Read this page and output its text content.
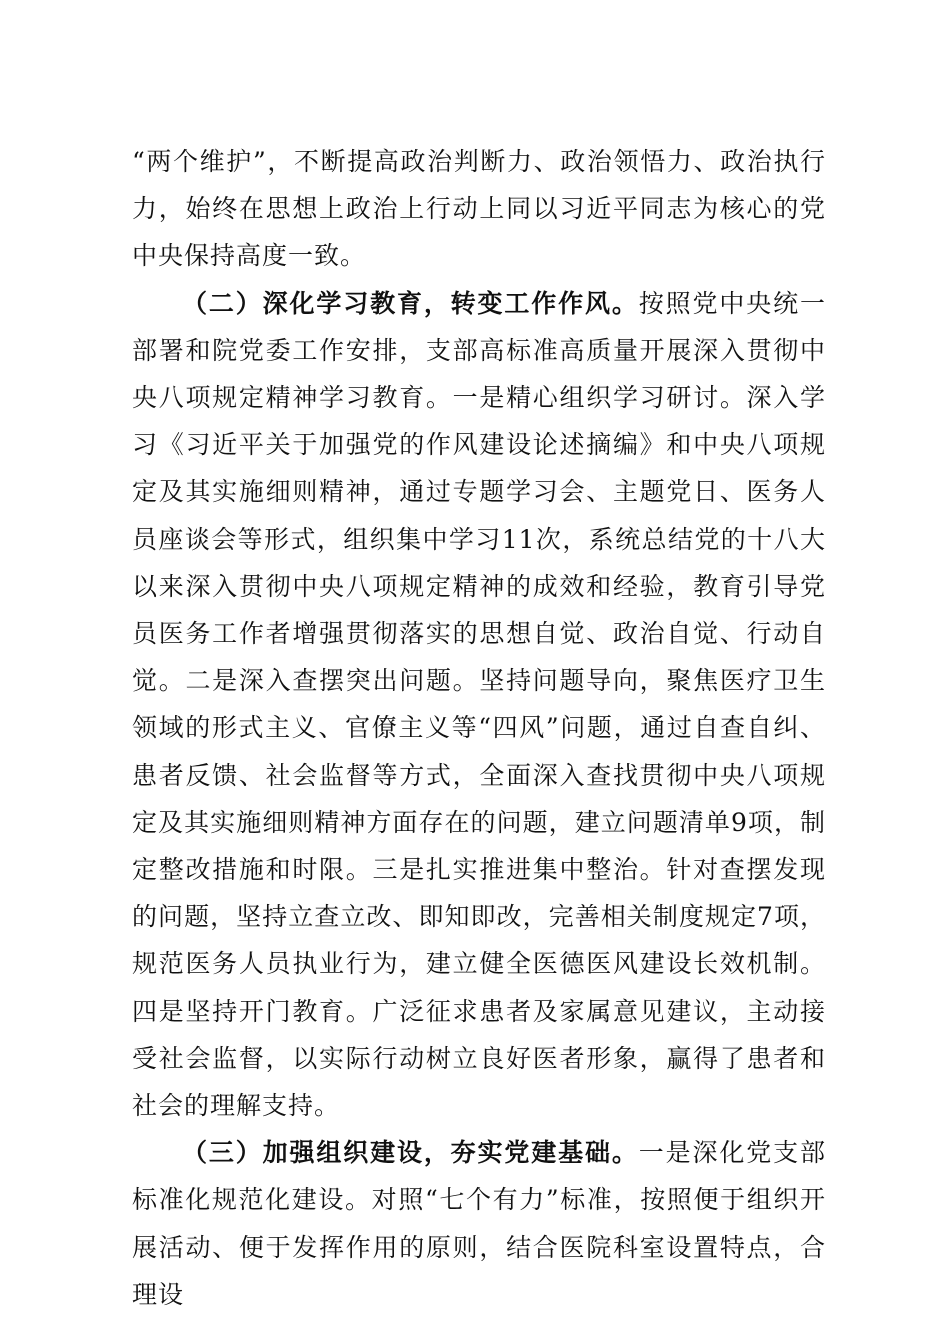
“两个维护”，不断提高政治判断力、政治领悟力、政治执行力，始终在思想上政治上行动上同以习近平同志为核心的党中央保持高度一致。

（二）深化学习教育，转变工作作风。按照党中央统一部署和院党委工作安排，支部高标准高质量开展深入贯彻中央八项规定精神学习教育。一是精心组织学习研讨。深入学习《习近平关于加强党的作风建设论述摘编》和中央八项规定及其实施细则精神，通过专题学习会、主题党日、医务人员座谈会等形式，组织集中学习11次，系统总结党的十八大以来深入贯彻中央八项规定精神的成效和经验，教育引导党员医务工作者增强贯彻落实的思想自觉、政治自觉、行动自觉。二是深入查摆突出问题。坚持问题导向，聚焦医疗卫生领域的形式主义、官僚主义等“四风”问题，通过自查自纠、患者反馈、社会监督等方式，全面深入查找贯彻中央八项规定及其实施细则精神方面存在的问题，建立问题清单9项，制定整改措施和时限。三是扎实推进集中整治。针对查摆发现的问题，坚持立查立改、即知即改，完善相关制度规定7项，规范医务人员执业行为，建立健全医德医风建设长效机制。四是坚持开门教育。广泛征求患者及家属意见建议，主动接受社会监督，以实际行动树立良好医者形象，赢得了患者和社会的理解支持。

（三）加强组织建设，夯实党建基础。一是深化党支部标准化规范化建设。对照“七个有力”标准，按照便于组织开展活动、便于发挥作用的原则，结合医院科室设置特点，合理设
